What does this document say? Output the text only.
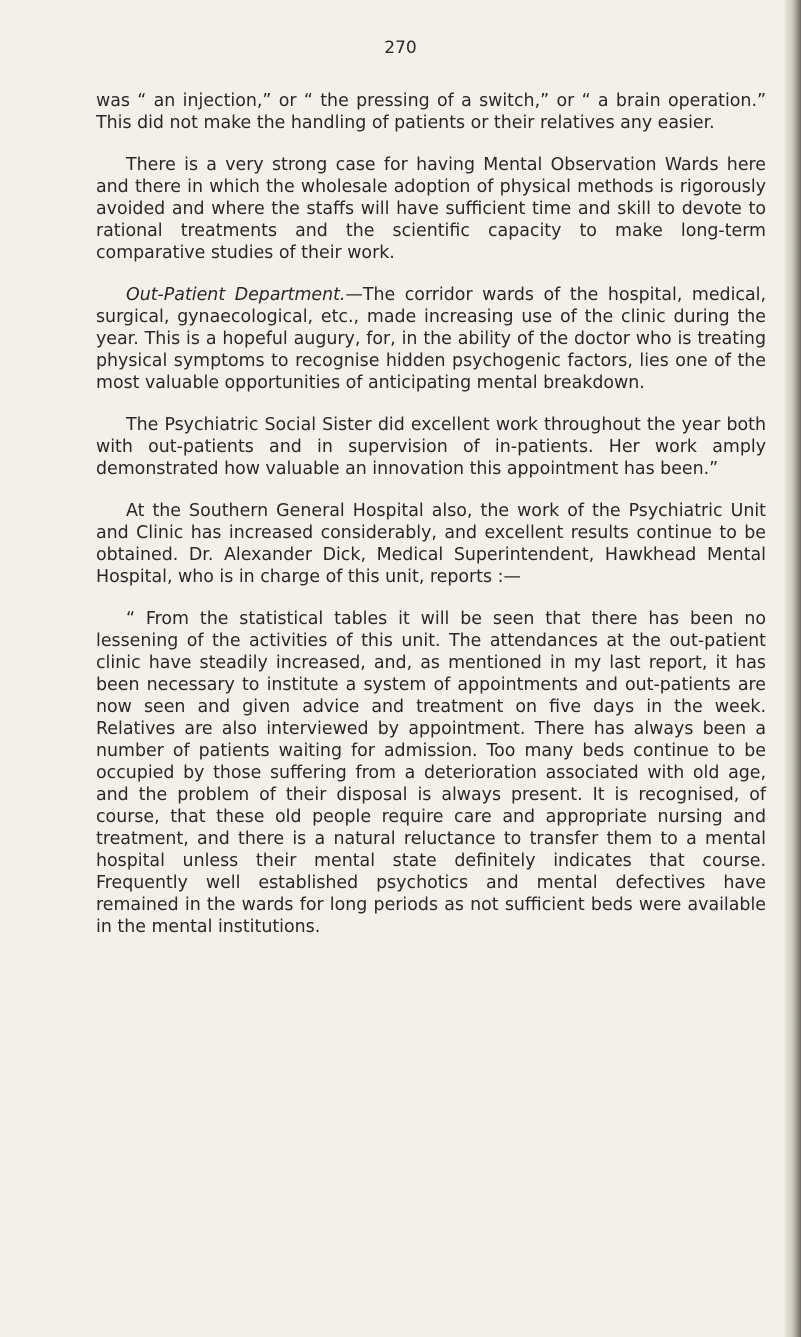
270

was “ an injection,” or “ the pressing of a switch,” or “ a brain operation.” This did not make the handling of patients or their relatives any easier.

There is a very strong case for having Mental Observation Wards here and there in which the wholesale adoption of physical methods is rigorously avoided and where the staffs will have sufficient time and skill to devote to rational treatments and the scientific capacity to make long-term comparative studies of their work.

Out-Patient Department.—The corridor wards of the hospital, medical, surgical, gynaecological, etc., made increasing use of the clinic during the year. This is a hopeful augury, for, in the ability of the doctor who is treating physical symptoms to recognise hidden psychogenic factors, lies one of the most valuable opportunities of anticipating mental breakdown.

The Psychiatric Social Sister did excellent work throughout the year both with out-patients and in supervision of in-patients. Her work amply demonstrated how valuable an innovation this appointment has been.”

At the Southern General Hospital also, the work of the Psychiatric Unit and Clinic has increased considerably, and excellent results continue to be obtained. Dr. Alexander Dick, Medical Superintendent, Hawkhead Mental Hospital, who is in charge of this unit, reports :—

“ From the statistical tables it will be seen that there has been no lessening of the activities of this unit. The attendances at the out-patient clinic have steadily increased, and, as mentioned in my last report, it has been necessary to institute a system of appointments and out-patients are now seen and given advice and treatment on five days in the week. Relatives are also interviewed by appointment. There has always been a number of patients waiting for admission. Too many beds continue to be occupied by those suffering from a deterioration associated with old age, and the problem of their disposal is always present. It is recognised, of course, that these old people require care and appropriate nursing and treatment, and there is a natural reluctance to transfer them to a mental hospital unless their mental state definitely indicates that course. Frequently well established psychotics and mental defectives have remained in the wards for long periods as not sufficient beds were available in the mental institutions.
